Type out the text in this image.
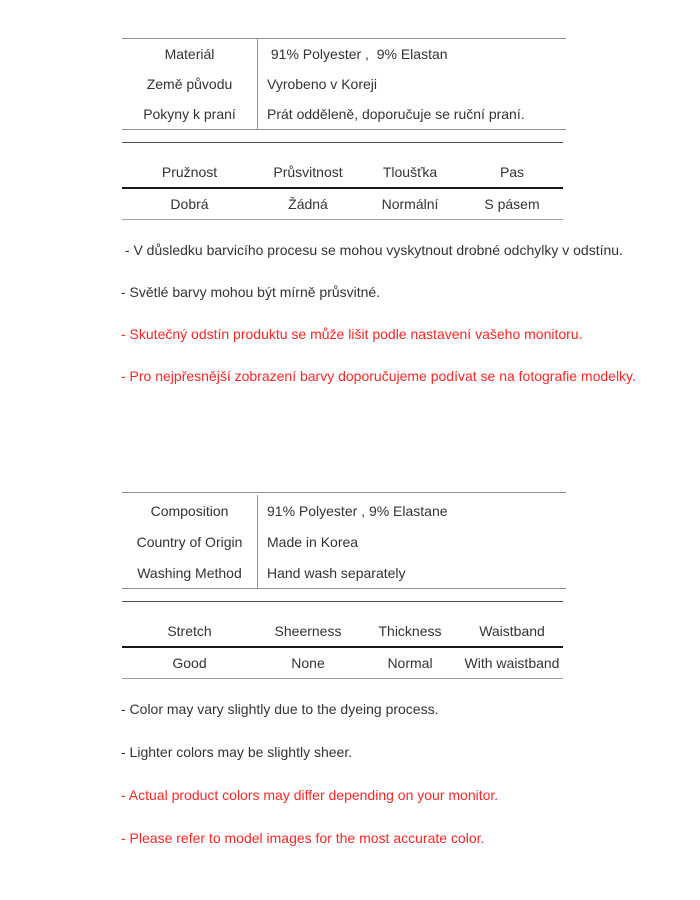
Materiál	91% Polyester ,  9% Elastan
Země původu	Vyrobeno v Koreji
Pokyny k praní	Prát odděleně, doporučuje se ruční praní.
Pružnost	Průsvitnost	Tloušťka	Pas
Dobrá	Žádná	Normální	S pásem
- V důsledku barvicího procesu se mohou vyskytnout drobné odchylky v odstínu.
- Světlé barvy mohou být mírně průsvitné.
- Skutečný odstín produktu se může lišit podle nastavení vašeho monitoru.
- Pro nejpřesnější zobrazení barvy doporučujeme podívat se na fotografie modelky.
Composition	91% Polyester , 9% Elastane
Country of Origin	Made in Korea
Washing Method	Hand wash separately
Stretch	Sheerness	Thickness	Waistband
Good	None	Normal	With waistband
- Color may vary slightly due to the dyeing process.
- Lighter colors may be slightly sheer.
- Actual product colors may differ depending on your monitor.
- Please refer to model images for the most accurate color.
